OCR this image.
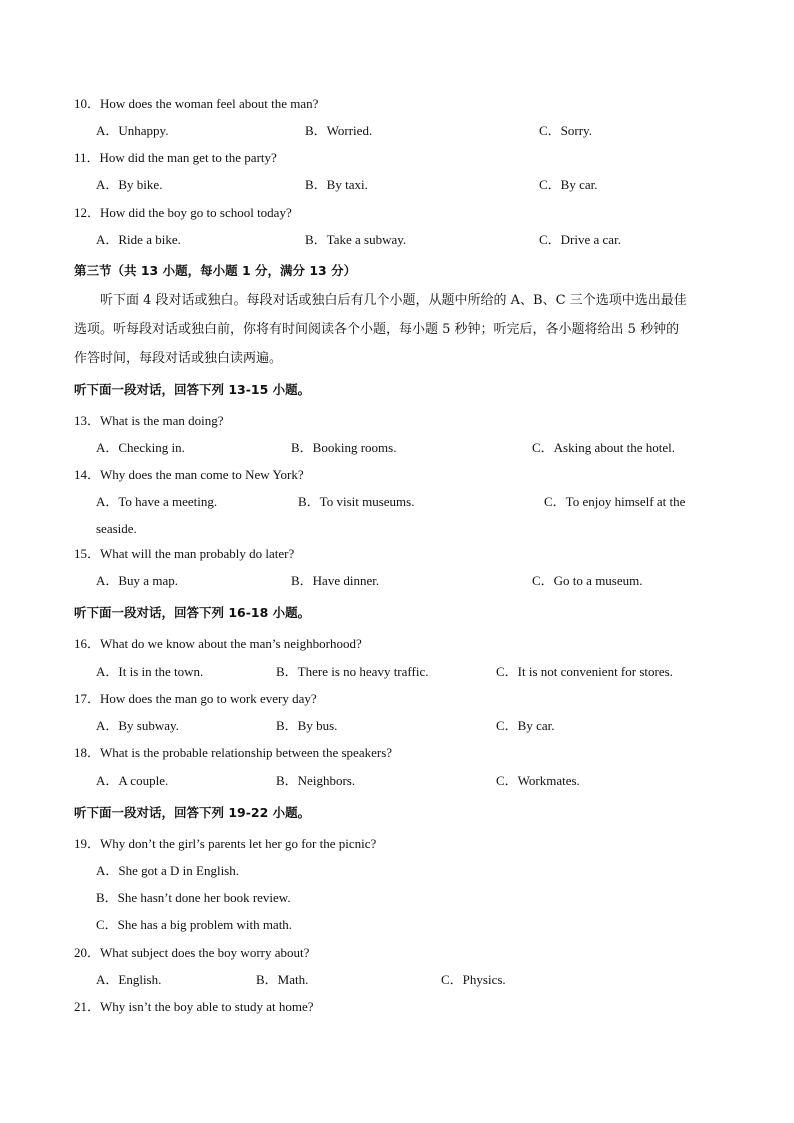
10．How does the woman feel about the man?
A．Unhappy.	B．Worried.	C．Sorry.
11．How did the man get to the party?
A．By bike.	B．By taxi.	C．By car.
12．How did the boy go to school today?
A．Ride a bike.	B．Take a subway.	C．Drive a car.
第三节（共 13 小题，每小题 1 分，满分 13 分）
听下面 4 段对话或独白。每段对话或独白后有几个小题，从题中所给的 A、B、C 三个选项中选出最佳
选项。听每段对话或独白前，你将有时间阅读各个小题，每小题 5 秒钟；听完后，各小题将给出 5 秒钟的
作答时间，每段对话或独白读两遍。
听下面一段对话，回答下列 13-15 小题。
13．What is the man doing?
A．Checking in.	B．Booking rooms.	C．Asking about the hotel.
14．Why does the man come to New York?
A．To have a meeting.	B．To visit museums.	C．To enjoy himself at the
seaside.
15．What will the man probably do later?
A．Buy a map.	B．Have dinner.	C．Go to a museum.
听下面一段对话，回答下列 16-18 小题。
16．What do we know about the man’s neighborhood?
A．It is in the town.	B．There is no heavy traffic.	C．It is not convenient for stores.
17．How does the man go to work every day?
A．By subway.	B．By bus.	C．By car.
18．What is the probable relationship between the speakers?
A．A couple.	B．Neighbors.	C．Workmates.
听下面一段对话，回答下列 19-22 小题。
19．Why don’t the girl’s parents let her go for the picnic?
A．She got a D in English.
B．She hasn’t done her book review.
C．She has a big problem with math.
20．What subject does the boy worry about?
A．English.	B．Math.	C．Physics.
21．Why isn’t the boy able to study at home?
